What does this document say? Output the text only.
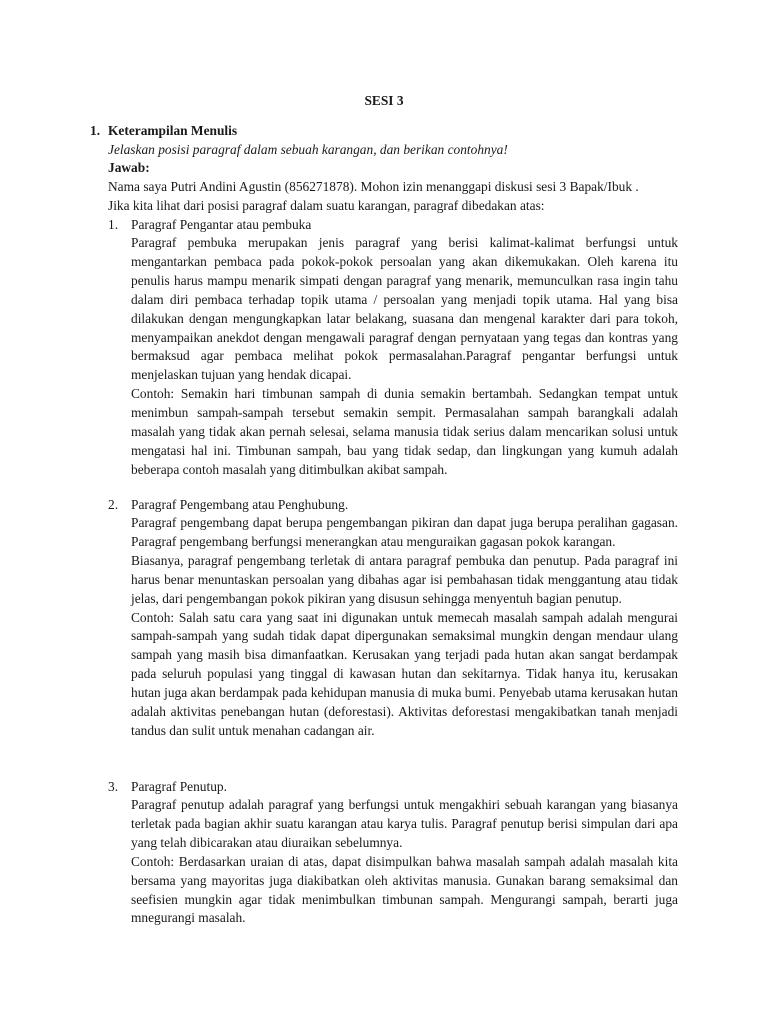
SESI 3
1. Keterampilan Menulis
Jelaskan posisi paragraf dalam sebuah karangan, dan berikan contohnya!
Jawab:
Nama saya Putri Andini Agustin (856271878). Mohon izin menanggapi diskusi sesi 3 Bapak/Ibuk .
Jika kita lihat dari posisi paragraf dalam suatu karangan, paragraf dibedakan atas:
1. Paragraf Pengantar atau pembuka

Paragraf pembuka merupakan jenis paragraf yang berisi kalimat-kalimat berfungsi untuk mengantarkan pembaca pada pokok-pokok persoalan yang akan dikemukakan. Oleh karena itu penulis harus mampu menarik simpati dengan paragraf yang menarik, memunculkan rasa ingin tahu dalam diri pembaca terhadap topik utama / persoalan yang menjadi topik utama. Hal yang bisa dilakukan dengan mengungkapkan latar belakang, suasana dan mengenal karakter dari para tokoh, menyampaikan anekdot dengan mengawali paragraf dengan pernyataan yang tegas dan kontras yang bermaksud agar pembaca melihat pokok permasalahan.Paragraf pengantar berfungsi untuk menjelaskan tujuan yang hendak dicapai.

Contoh: Semakin hari timbunan sampah di dunia semakin bertambah. Sedangkan tempat untuk menimbun sampah-sampah tersebut semakin sempit. Permasalahan sampah barangkali adalah masalah yang tidak akan pernah selesai, selama manusia tidak serius dalam mencarikan solusi untuk mengatasi hal ini. Timbunan sampah, bau yang tidak sedap, dan lingkungan yang kumuh adalah beberapa contoh masalah yang ditimbulkan akibat sampah.

2. Paragraf Pengembang atau Penghubung.

Paragraf pengembang dapat berupa pengembangan pikiran dan dapat juga berupa peralihan gagasan. Paragraf pengembang berfungsi menerangkan atau menguraikan gagasan pokok karangan.

Biasanya, paragraf pengembang terletak di antara paragraf pembuka dan penutup. Pada paragraf ini harus benar menuntaskan persoalan yang dibahas agar isi pembahasan tidak menggantung atau tidak jelas, dari pengembangan pokok pikiran yang disusun sehingga menyentuh bagian penutup.

Contoh: Salah satu cara yang saat ini digunakan untuk memecah masalah sampah adalah mengurai sampah-sampah yang sudah tidak dapat dipergunakan semaksimal mungkin dengan mendaur ulang sampah yang masih bisa dimanfaatkan. Kerusakan yang terjadi pada hutan akan sangat berdampak pada seluruh populasi yang tinggal di kawasan hutan dan sekitarnya. Tidak hanya itu, kerusakan hutan juga akan berdampak pada kehidupan manusia di muka bumi. Penyebab utama kerusakan hutan adalah aktivitas penebangan hutan (deforestasi). Aktivitas deforestasi mengakibatkan tanah menjadi tandus dan sulit untuk menahan cadangan air.

3. Paragraf Penutup.

Paragraf penutup adalah paragraf yang berfungsi untuk mengakhiri sebuah karangan yang biasanya terletak pada bagian akhir suatu karangan atau karya tulis. Paragraf penutup berisi simpulan dari apa yang telah dibicarakan atau diuraikan sebelumnya.

Contoh: Berdasarkan uraian di atas, dapat disimpulkan bahwa masalah sampah adalah masalah kita bersama yang mayoritas juga diakibatkan oleh aktivitas manusia. Gunakan barang semaksimal dan seefisien mungkin agar tidak menimbulkan timbunan sampah. Mengurangi sampah, berarti juga mnegurangi masalah.
